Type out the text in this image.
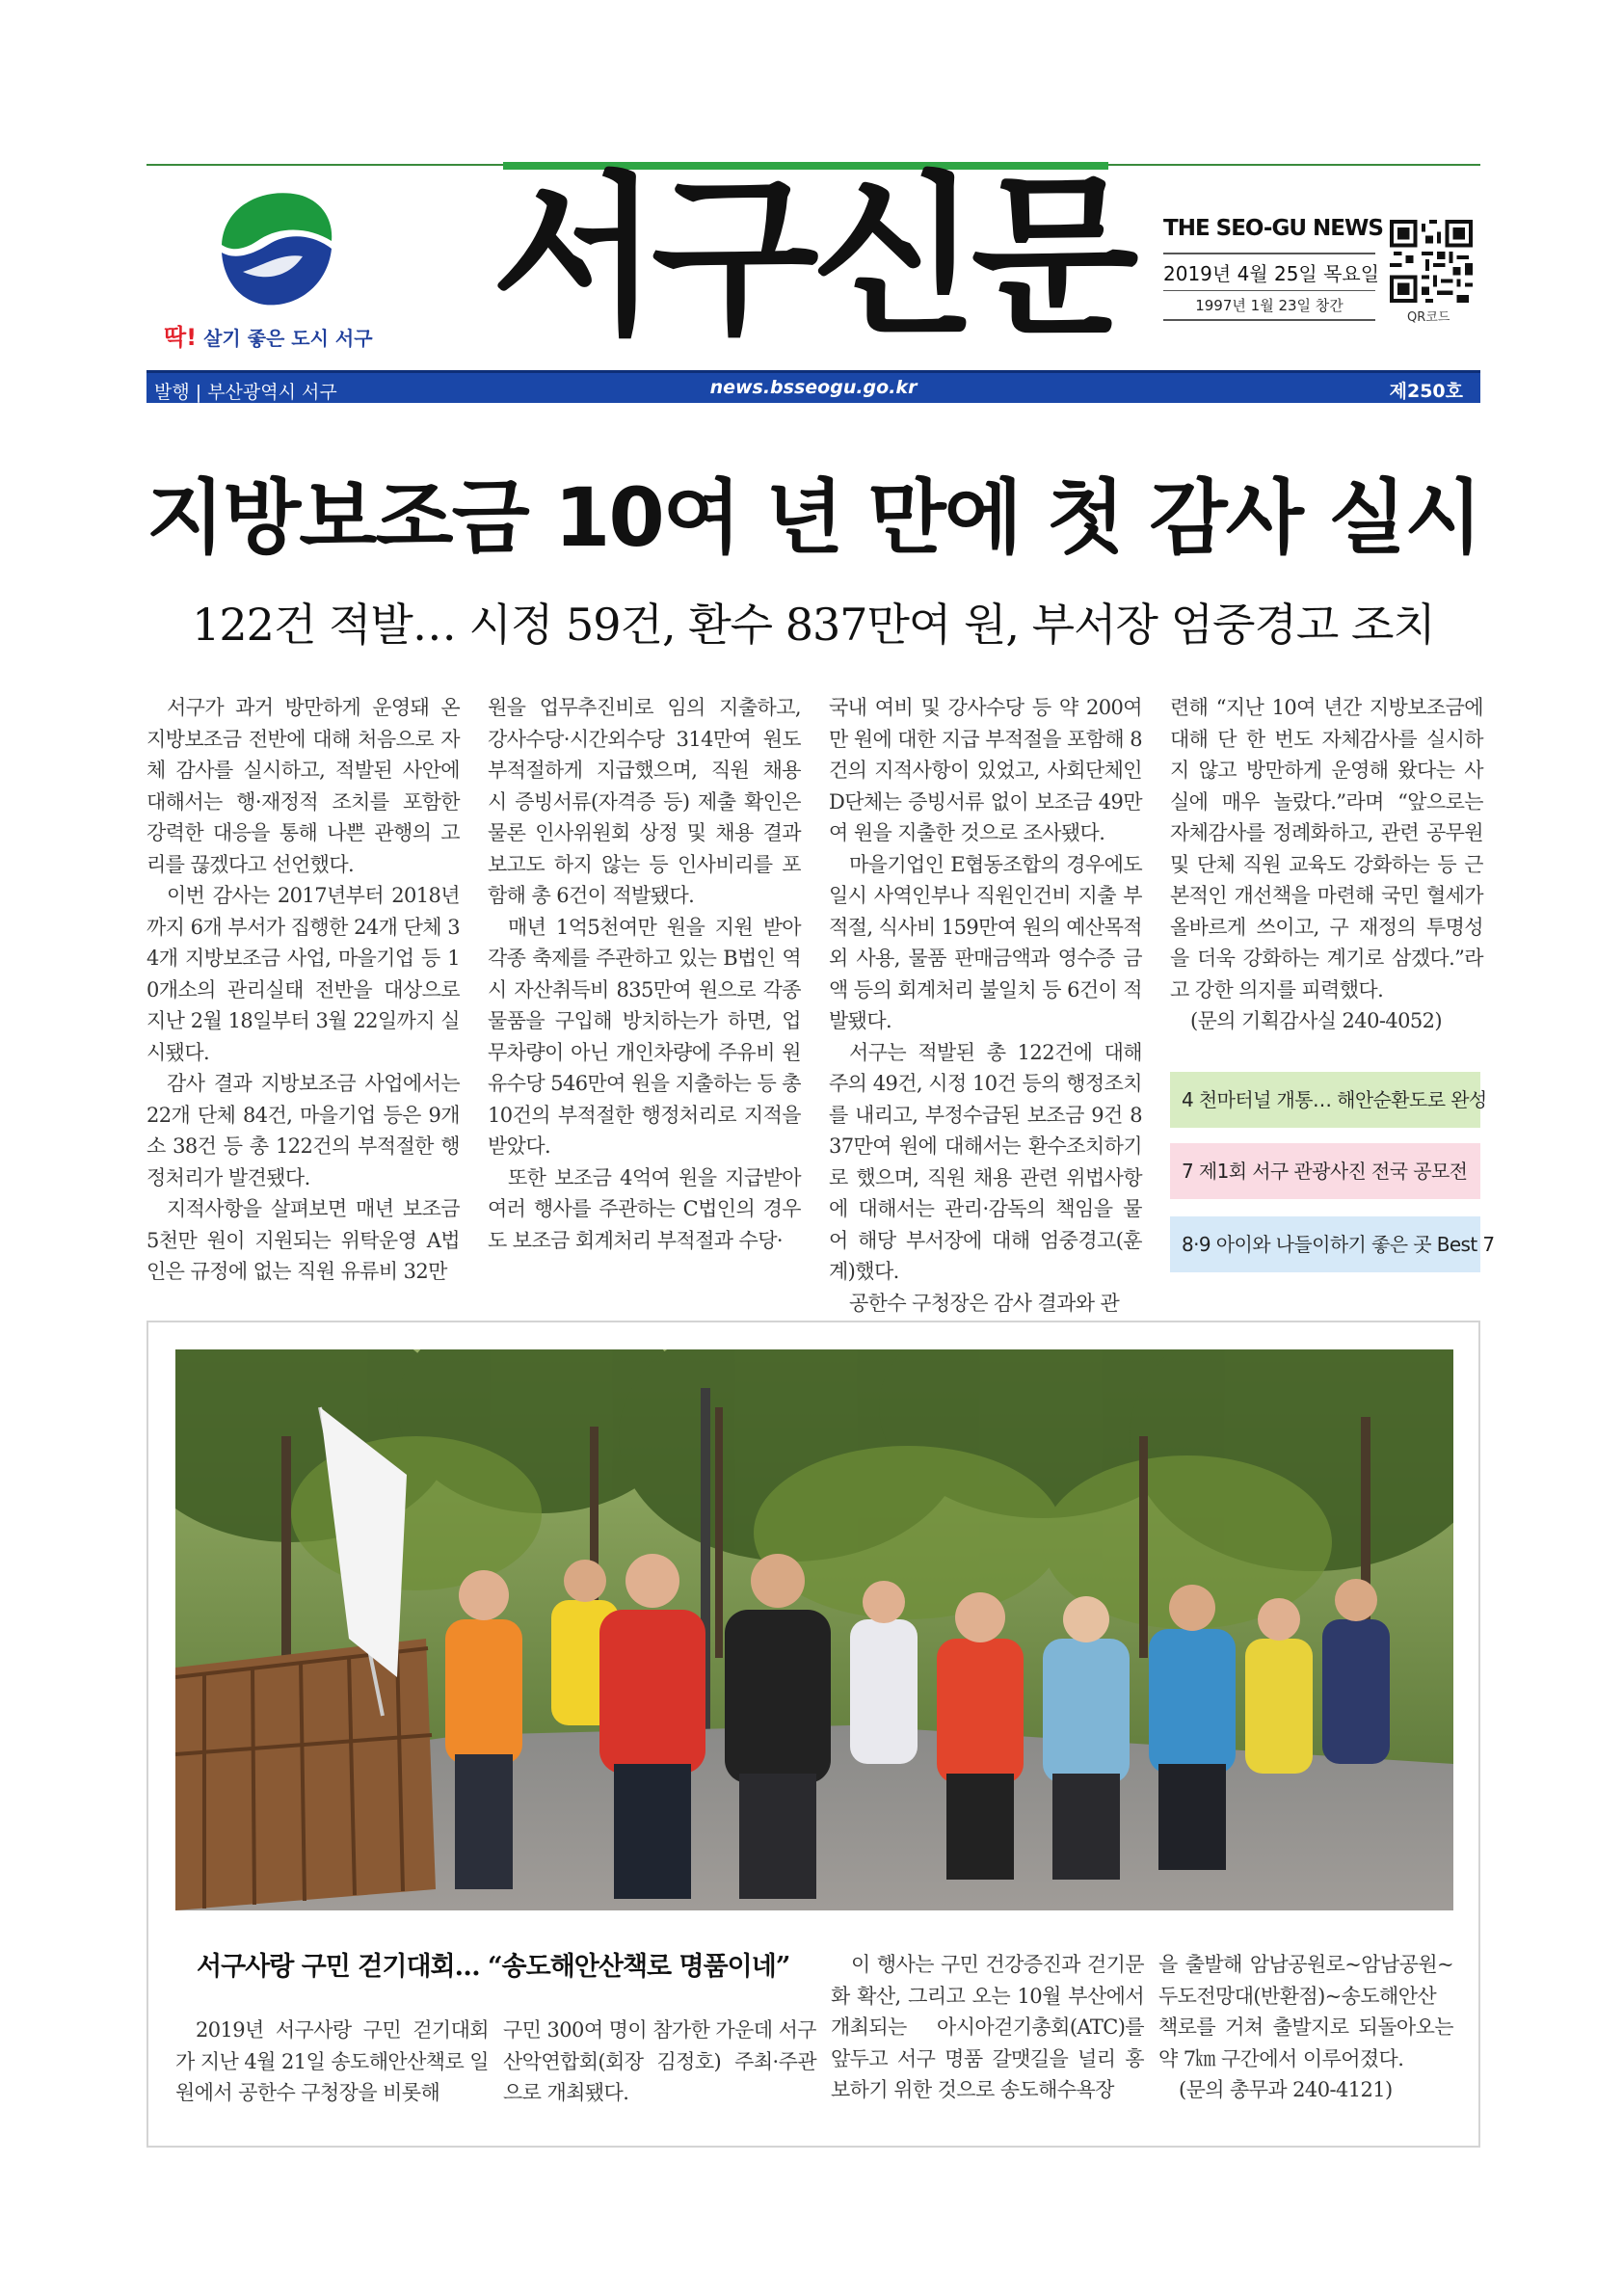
딱! 살기 좋은 도시 서구 서구신문 THE SEO-GU NEWS
2019년 4월 25일 목요일
1997년 1월 23일 창간
QR코드
발행 | 부산광역시 서구	news.bsseogu.go.kr	제250호
지방보조금 10여 년 만에 첫 감사 실시
122건 적발… 시정 59건, 환수 837만여 원, 부서장 엄중경고 조치

서구가 과거 방만하게 운영돼 온 지방보조금 전반에 대해 처음으로 자체 감사를 실시하고, 적발된 사안에 대해서는 행·재정적 조치를 포함한 강력한 대응을 통해 나쁜 관행의 고리를 끊겠다고 선언했다.

이번 감사는 2017년부터 2018년까지 6개 부서가 집행한 24개 단체 34개 지방보조금 사업, 마을기업 등 10개소의 관리실태 전반을 대상으로 지난 2월 18일부터 3월 22일까지 실시됐다.

감사 결과 지방보조금 사업에서는 22개 단체 84건, 마을기업 등은 9개소 38건 등 총 122건의 부적절한 행정처리가 발견됐다.

지적사항을 살펴보면 매년 보조금 5천만 원이 지원되는 위탁운영 A법인은 규정에 없는 직원 유류비 32만

원을 업무추진비로 임의 지출하고, 강사수당·시간외수당 314만여 원도 부적절하게 지급했으며, 직원 채용 시 증빙서류(자격증 등) 제출 확인은 물론 인사위원회 상정 및 채용 결과 보고도 하지 않는 등 인사비리를 포함해 총 6건이 적발됐다.

매년 1억5천여만 원을 지원 받아 각종 축제를 주관하고 있는 B법인 역시 자산취득비 835만여 원으로 각종 물품을 구입해 방치하는가 하면, 업무차량이 아닌 개인차량에 주유비 원유수당 546만여 원을 지출하는 등 총 10건의 부적절한 행정처리로 지적을 받았다.

또한 보조금 4억여 원을 지급받아 여러 행사를 주관하는 C법인의 경우도 보조금 회계처리 부적절과 수당·

국내 여비 및 강사수당 등 약 200여만 원에 대한 지급 부적절을 포함해 8건의 지적사항이 있었고, 사회단체인 D단체는 증빙서류 없이 보조금 49만여 원을 지출한 것으로 조사됐다.

마을기업인 E협동조합의 경우에도 일시 사역인부나 직원인건비 지출 부적절, 식사비 159만여 원의 예산목적외 사용, 물품 판매금액과 영수증 금액 등의 회계처리 불일치 등 6건이 적발됐다.

서구는 적발된 총 122건에 대해 주의 49건, 시정 10건 등의 행정조치를 내리고, 부정수급된 보조금 9건 837만여 원에 대해서는 환수조치하기로 했으며, 직원 채용 관련 위법사항에 대해서는 관리·감독의 책임을 물어 해당 부서장에 대해 엄중경고(훈계)했다.

공한수 구청장은 감사 결과와 관

련해 “지난 10여 년간 지방보조금에 대해 단 한 번도 자체감사를 실시하지 않고 방만하게 운영해 왔다는 사실에 매우 놀랐다.”라며 “앞으로는 자체감사를 정례화하고, 관련 공무원 및 단체 직원 교육도 강화하는 등 근본적인 개선책을 마련해 국민 혈세가 올바르게 쓰이고, 구 재정의 투명성을 더욱 강화하는 계기로 삼겠다.”라고 강한 의지를 피력했다.

(문의 기획감사실 240-4052)

4 천마터널 개통… 해안순환도로 완성
7 제1회 서구 관광사진 전국 공모전
8·9 아이와 나들이하기 좋은 곳 Best 7
서구사랑 구민 걷기대회… “송도해안산책로 명품이네”

2019년 서구사랑 구민 걷기대회가 지난 4월 21일 송도해안산책로 일원에서 공한수 구청장을 비롯해

구민 300여 명이 참가한 가운데 서구산악연합회(회장 김정호) 주최·주관으로 개최됐다.

이 행사는 구민 건강증진과 걷기문화 확산, 그리고 오는 10월 부산에서 개최되는 아시아걷기총회(ATC)를 앞두고 서구 명품 갈맷길을 널리 홍보하기 위한 것으로 송도해수욕장

을 출발해 암남공원로~암남공원~두도전망대(반환점)~송도해안산책로를 거쳐 출발지로 되돌아오는 약 7㎞ 구간에서 이루어졌다.

(문의 총무과 240-4121)
